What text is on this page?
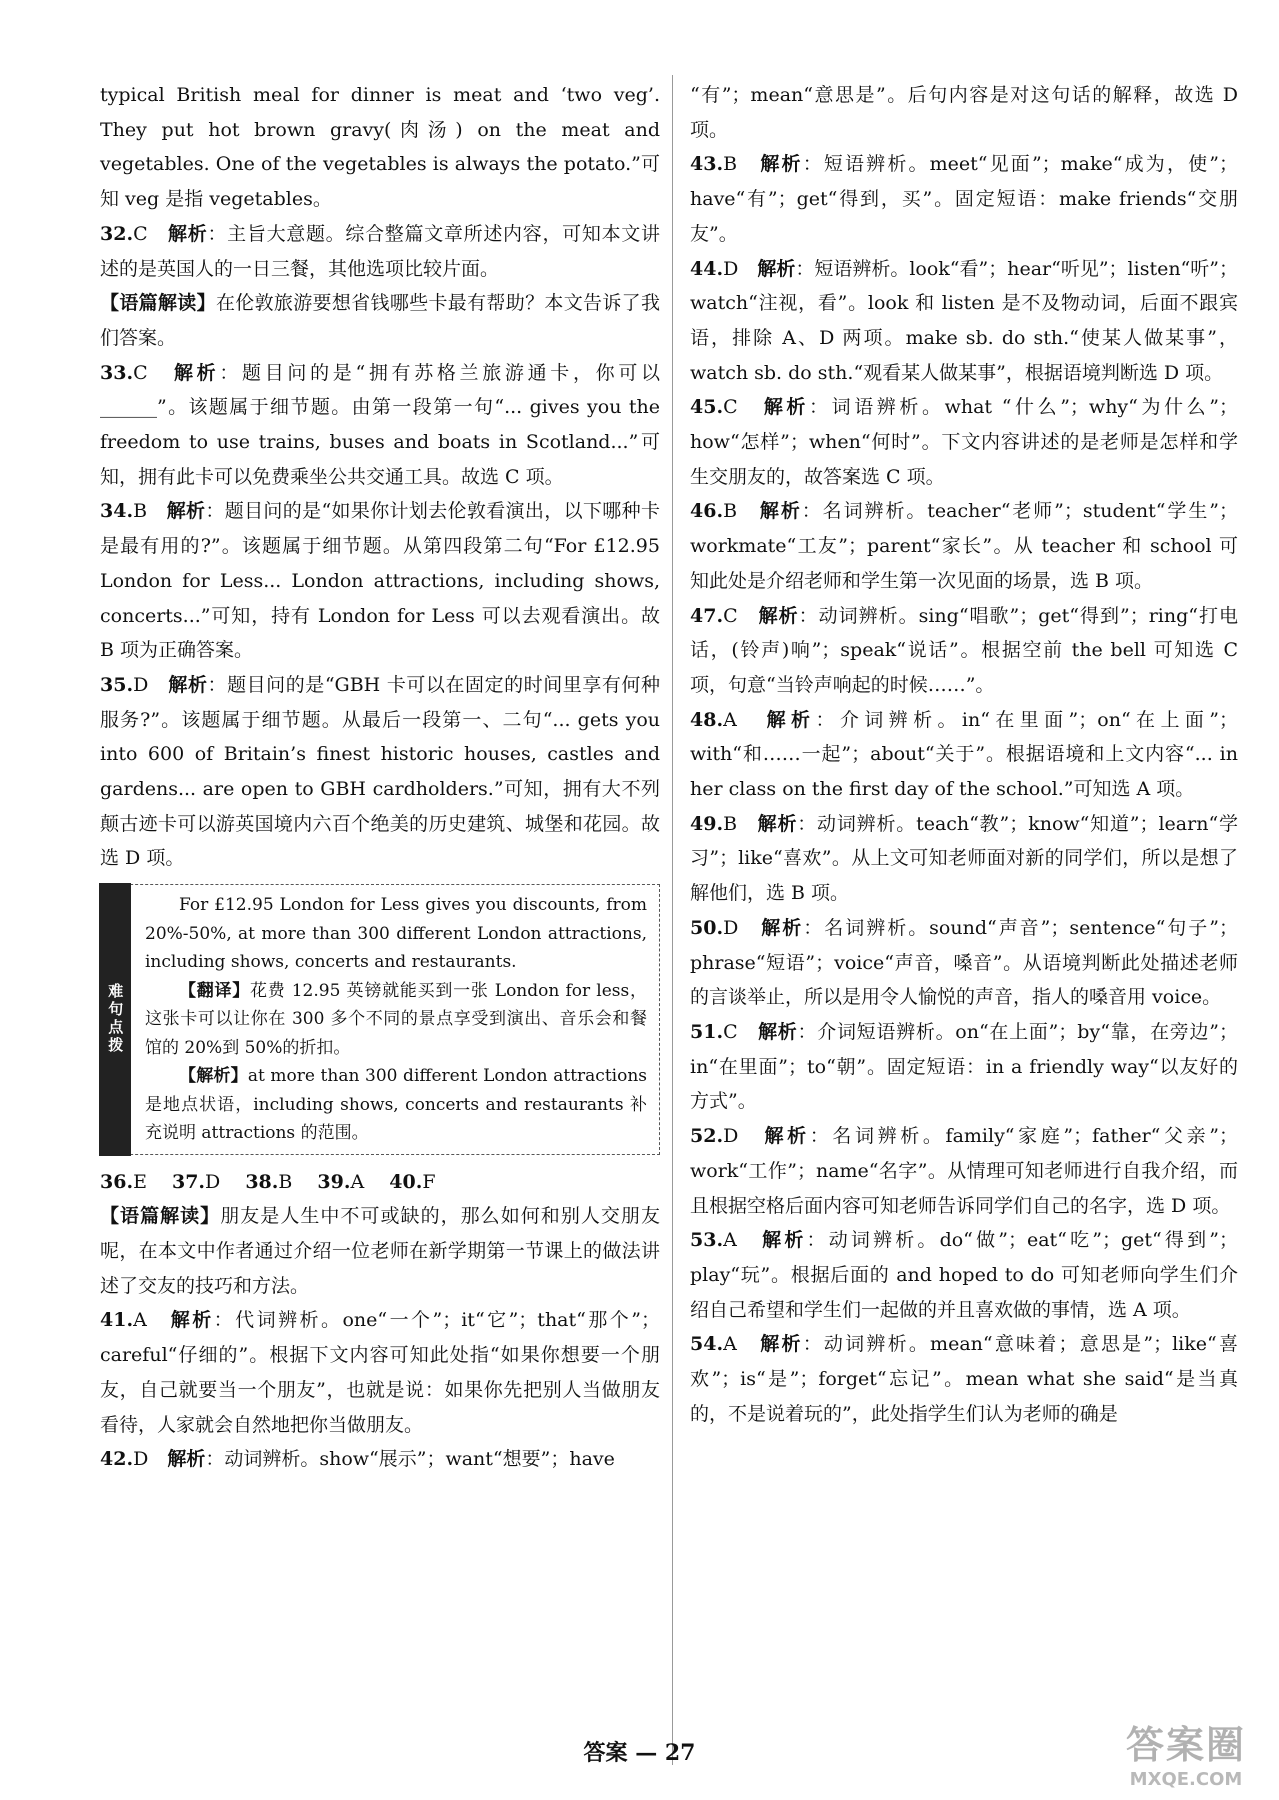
typical British meal for dinner is meat and ‘two veg’. They put hot brown gravy(肉汤) on the meat and vegetables. One of the vegetables is always the potato.”可知 veg 是指 vegetables。

32.C　 解析：主旨大意题。综合整篇文章所述内容，可知本文讲述的是英国人的一日三餐，其他选项比较片面。

【语篇解读】在伦敦旅游要想省钱哪些卡最有帮助？本文告诉了我们答案。

33.C　 解析：题目问的是“拥有苏格兰旅游通卡，你可以______”。该题属于细节题。由第一段第一句“... gives you the freedom to use trains, buses and boats in Scotland...”可知，拥有此卡可以免费乘坐公共交通工具。故选 C 项。

34.B　 解析：题目问的是“如果你计划去伦敦看演出，以下哪种卡是最有用的?”。该题属于细节题。从第四段第二句“For £12.95 London for Less... London attractions, including shows, concerts...”可知，持有 London for Less 可以去观看演出。故 B 项为正确答案。

35.D　 解析：题目问的是“GBH 卡可以在固定的时间里享有何种服务?”。该题属于细节题。从最后一段第一、二句“... gets you into 600 of Britain’s finest historic houses, castles and gardens... are open to GBH cardholders.”可知，拥有大不列颠古迹卡可以游英国境内六百个绝美的历史建筑、城堡和花园。故选 D 项。

难句点拨

For £12.95 London for Less gives you discounts, from 20%-50%, at more than 300 different London attractions, including shows, concerts and restaurants.

【翻译】花费 12.95 英镑就能买到一张 London for less，这张卡可以让你在 300 多个不同的景点享受到演出、音乐会和餐馆的 20%到 50%的折扣。

【解析】at more than 300 different London attractions 是地点状语，including shows, concerts and restaurants 补充说明 attractions 的范围。

36.E　 37.D　 38.B　 39.A　 40.F

【语篇解读】朋友是人生中不可或缺的，那么如何和别人交朋友呢，在本文中作者通过介绍一位老师在新学期第一节课上的做法讲述了交友的技巧和方法。

41.A　 解析：代词辨析。one“一个”；it“它”；that“那个”；careful“仔细的”。根据下文内容可知此处指“如果你想要一个朋友，自己就要当一个朋友”，也就是说：如果你先把别人当做朋友看待，人家就会自然地把你当做朋友。

42.D　 解析：动词辨析。show“展示”；want“想要”；have

“有”；mean“意思是”。后句内容是对这句话的解释，故选 D 项。

43.B　 解析：短语辨析。meet“见面”；make“成为，使”；have“有”；get“得到，买”。固定短语：make friends“交朋友”。

44.D　 解析：短语辨析。look“看”；hear“听见”；listen“听”；watch“注视，看”。look 和 listen 是不及物动词，后面不跟宾语，排除 A、D 两项。make sb. do sth.“使某人做某事”，watch sb. do sth.“观看某人做某事”，根据语境判断选 D 项。

45.C　 解析：词语辨析。what “什么”；why“为什么”；how“怎样”；when“何时”。下文内容讲述的是老师是怎样和学生交朋友的，故答案选 C 项。

46.B　 解析：名词辨析。teacher“老师”；student“学生”；workmate“工友”；parent“家长”。从 teacher 和 school 可知此处是介绍老师和学生第一次见面的场景，选 B 项。

47.C　 解析：动词辨析。sing“唱歌”；get“得到”；ring“打电话，(铃声)响”；speak“说话”。根据空前 the bell 可知选 C 项，句意“当铃声响起的时候……”。

48.A　 解析：介词辨析。in“在里面”；on“在上面”；with“和……一起”；about“关于”。根据语境和上文内容“... in her class on the first day of the school.”可知选 A 项。

49.B　 解析：动词辨析。teach“教”；know“知道”；learn“学习”；like“喜欢”。从上文可知老师面对新的同学们，所以是想了解他们，选 B 项。

50.D　 解析：名词辨析。sound“声音”；sentence“句子”；phrase“短语”；voice“声音，嗓音”。从语境判断此处描述老师的言谈举止，所以是用令人愉悦的声音，指人的嗓音用 voice。

51.C　 解析：介词短语辨析。on“在上面”；by“靠，在旁边”；in“在里面”；to“朝”。固定短语：in a friendly way“以友好的方式”。

52.D　 解析：名词辨析。family“家庭”；father“父亲”；work“工作”；name“名字”。从情理可知老师进行自我介绍，而且根据空格后面内容可知老师告诉同学们自己的名字，选 D 项。

53.A　 解析：动词辨析。do“做”；eat“吃”；get“得到”；play“玩”。根据后面的 and hoped to do 可知老师向学生们介绍自己希望和学生们一起做的并且喜欢做的事情，选 A 项。

54.A　 解析：动词辨析。mean“意味着；意思是”；like“喜欢”；is“是”；forget“忘记”。mean what she said“是当真的，不是说着玩的”，此处指学生们认为老师的确是

答案 — 27	答案圈
MXQE.COM
